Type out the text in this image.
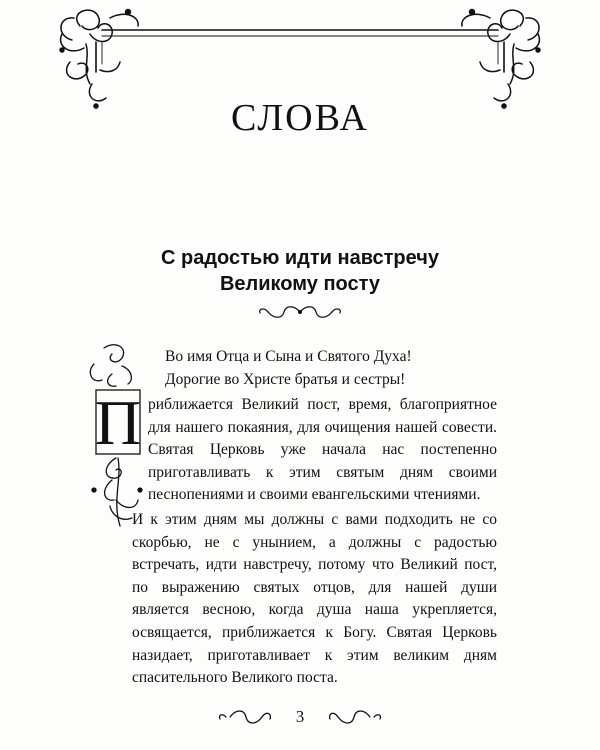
СЛОВА
С радостью идти навстречу
Великому посту
Во имя Отца и Сына и Святого Духа!
Дорогие во Христе братья и сестры!
П риближается Великий пост, время, благоприятное для нашего покаяния, для очищения нашей совести. Святая Церковь уже начала нас постепенно приготавливать к этим святым дням своими песнопениями и своими евангельскими чтениями.
И к этим дням мы должны с вами подходить не со скорбью, не с унынием, а должны с радостью встречать, идти навстречу, потому что Великий пост, по выражению святых отцов, для нашей души является весною, когда душа наша укрепляется, освящается, приближается к Богу. Святая Церковь назидает, приготавливает к этим великим дням спасительного Великого поста.
3
